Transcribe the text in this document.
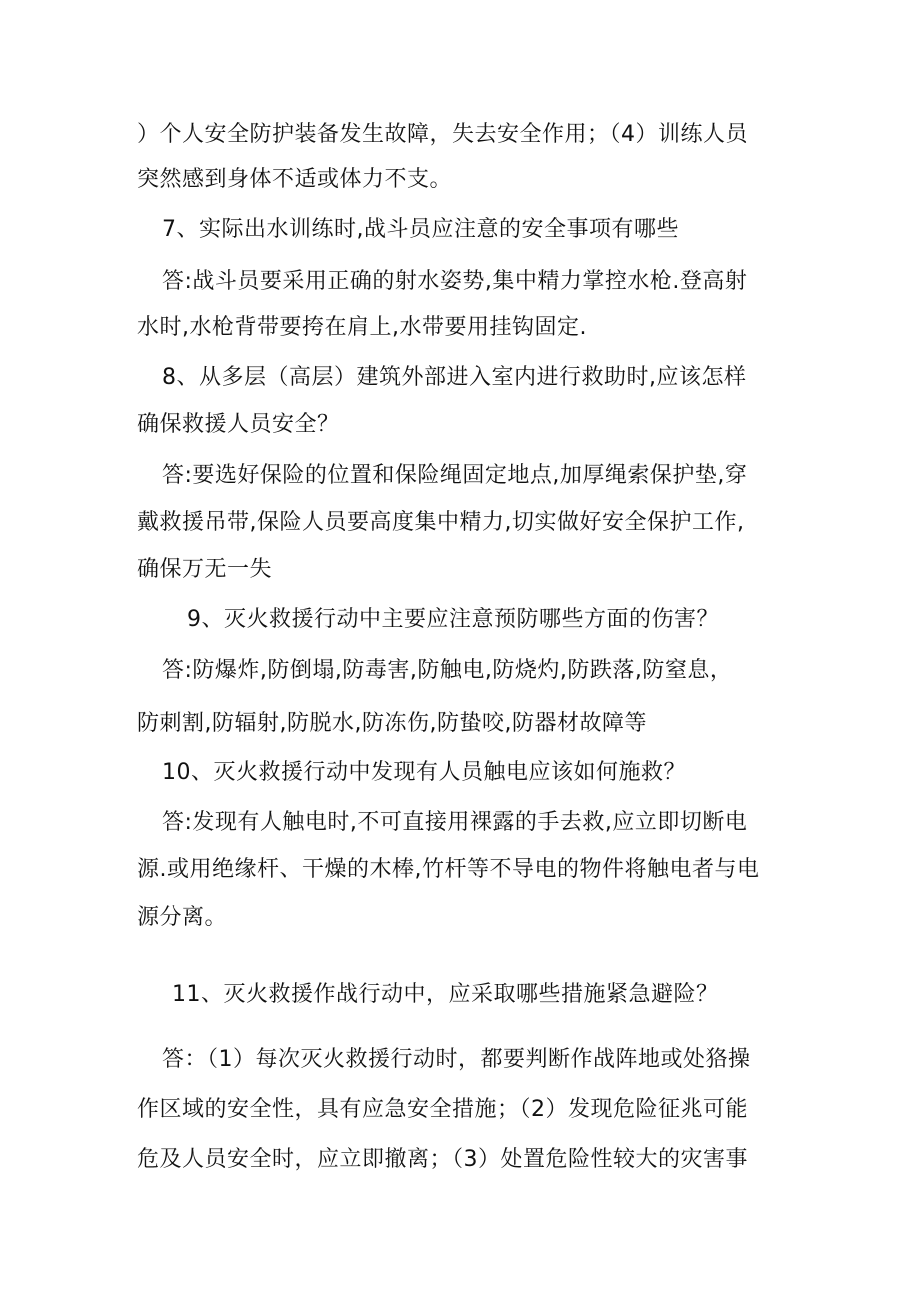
）个人安全防护装备发生故障，失去安全作用；（4）训练人员
突然感到身体不适或体力不支。
7、实际出水训练时,战斗员应注意的安全事项有哪些
答:战斗员要采用正确的射水姿势,集中精力掌控水枪.登高射
水时,水枪背带要挎在肩上,水带要用挂钩固定.
8、从多层（高层）建筑外部进入室内进行救助时,应该怎样
确保救援人员安全？
答:要选好保险的位置和保险绳固定地点,加厚绳索保护垫,穿
戴救援吊带,保险人员要高度集中精力,切实做好安全保护工作,
确保万无一失
9、灭火救援行动中主要应注意预防哪些方面的伤害？
答:防爆炸,防倒塌,防毒害,防触电,防烧灼,防跌落,防窒息，
防刺割,防辐射,防脱水,防冻伤,防蛰咬,防器材故障等
10、灭火救援行动中发现有人员触电应该如何施救？
答:发现有人触电时,不可直接用裸露的手去救,应立即切断电
源.或用绝缘杆、干燥的木棒,竹杆等不导电的物件将触电者与电
源分离。
11、灭火救援作战行动中，应采取哪些措施紧急避险？
答：（1）每次灭火救援行动时，都要判断作战阵地或处狢操
作区域的安全性，具有应急安全措施；（2）发现危险征兆可能
危及人员安全时，应立即撤离；（3）处置危险性较大的灾害事
